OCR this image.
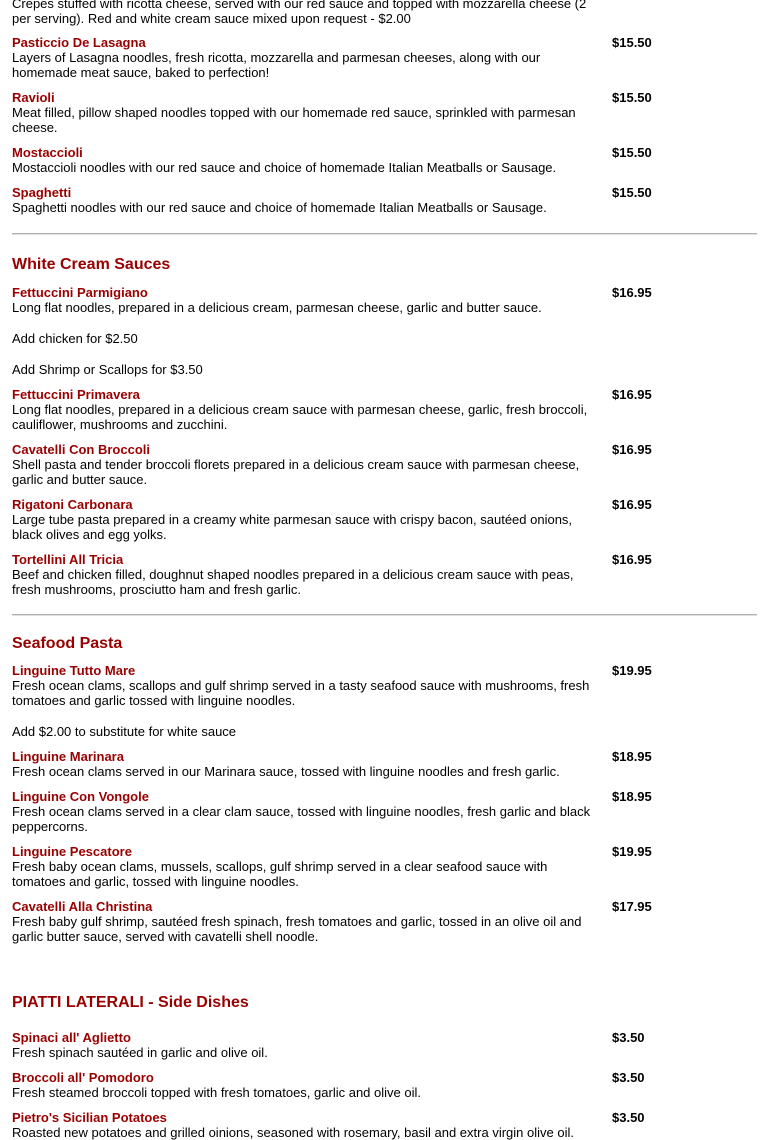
Crepes stuffed with ricotta cheese, served with our red sauce and topped with mozzarella cheese (2 per serving). Red and white cream sauce mixed upon request - $2.00
Pasticcio De Lasagna
Layers of Lasagna noodles, fresh ricotta, mozzarella and parmesan cheeses, along with our homemade meat sauce, baked to perfection!
$15.50
Ravioli
Meat filled, pillow shaped noodles topped with our homemade red sauce, sprinkled with parmesan cheese.
$15.50
Mostaccioli
Mostaccioli noodles with our red sauce and choice of homemade Italian Meatballs or Sausage.
$15.50
Spaghetti
Spaghetti noodles with our red sauce and choice of homemade Italian Meatballs or Sausage.
$15.50
White Cream Sauces
Fettuccini Parmigiano
Long flat noodles, prepared in a delicious cream, parmesan cheese, garlic and butter sauce.
$16.95
Add chicken for $2.50
Add Shrimp or Scallops for $3.50
Fettuccini Primavera
Long flat noodles, prepared in a delicious cream sauce with parmesan cheese, garlic, fresh broccoli, cauliflower, mushrooms and zucchini.
$16.95
Cavatelli Con Broccoli
Shell pasta and tender broccoli florets prepared in a delicious cream sauce with parmesan cheese, garlic and butter sauce.
$16.95
Rigatoni Carbonara
Large tube pasta prepared in a creamy white parmesan sauce with crispy bacon, sautéed onions, black olives and egg yolks.
$16.95
Tortellini All Tricia
Beef and chicken filled, doughnut shaped noodles prepared in a delicious cream sauce with peas, fresh mushrooms, prosciutto ham and fresh garlic.
$16.95
Seafood Pasta
Linguine Tutto Mare
Fresh ocean clams, scallops and gulf shrimp served in a tasty seafood sauce with mushrooms, fresh tomatoes and garlic tossed with linguine noodles.
$19.95
Add $2.00 to substitute for white sauce
Linguine Marinara
Fresh ocean clams served in our Marinara sauce, tossed with linguine noodles and fresh garlic.
$18.95
Linguine Con Vongole
Fresh ocean clams served in a clear clam sauce, tossed with linguine noodles, fresh garlic and black peppercorns.
$18.95
Linguine Pescatore
Fresh baby ocean clams, mussels, scallops, gulf shrimp served in a clear seafood sauce with tomatoes and garlic, tossed with linguine noodles.
$19.95
Cavatelli Alla Christina
Fresh baby gulf shrimp, sautéed fresh spinach, fresh tomatoes and garlic, tossed in an olive oil and garlic butter sauce, served with cavatelli shell noodle.
$17.95
PIATTI LATERALI - Side Dishes
Spinaci all' Aglietto
Fresh spinach sautéed in garlic and olive oil.
$3.50
Broccoli all' Pomodoro
Fresh steamed broccoli topped with fresh tomatoes, garlic and olive oil.
$3.50
Pietro's Sicilian Potatoes
Roasted new potatoes and grilled oinions, seasoned with rosemary, basil and extra virgin olive oil.
$3.50
